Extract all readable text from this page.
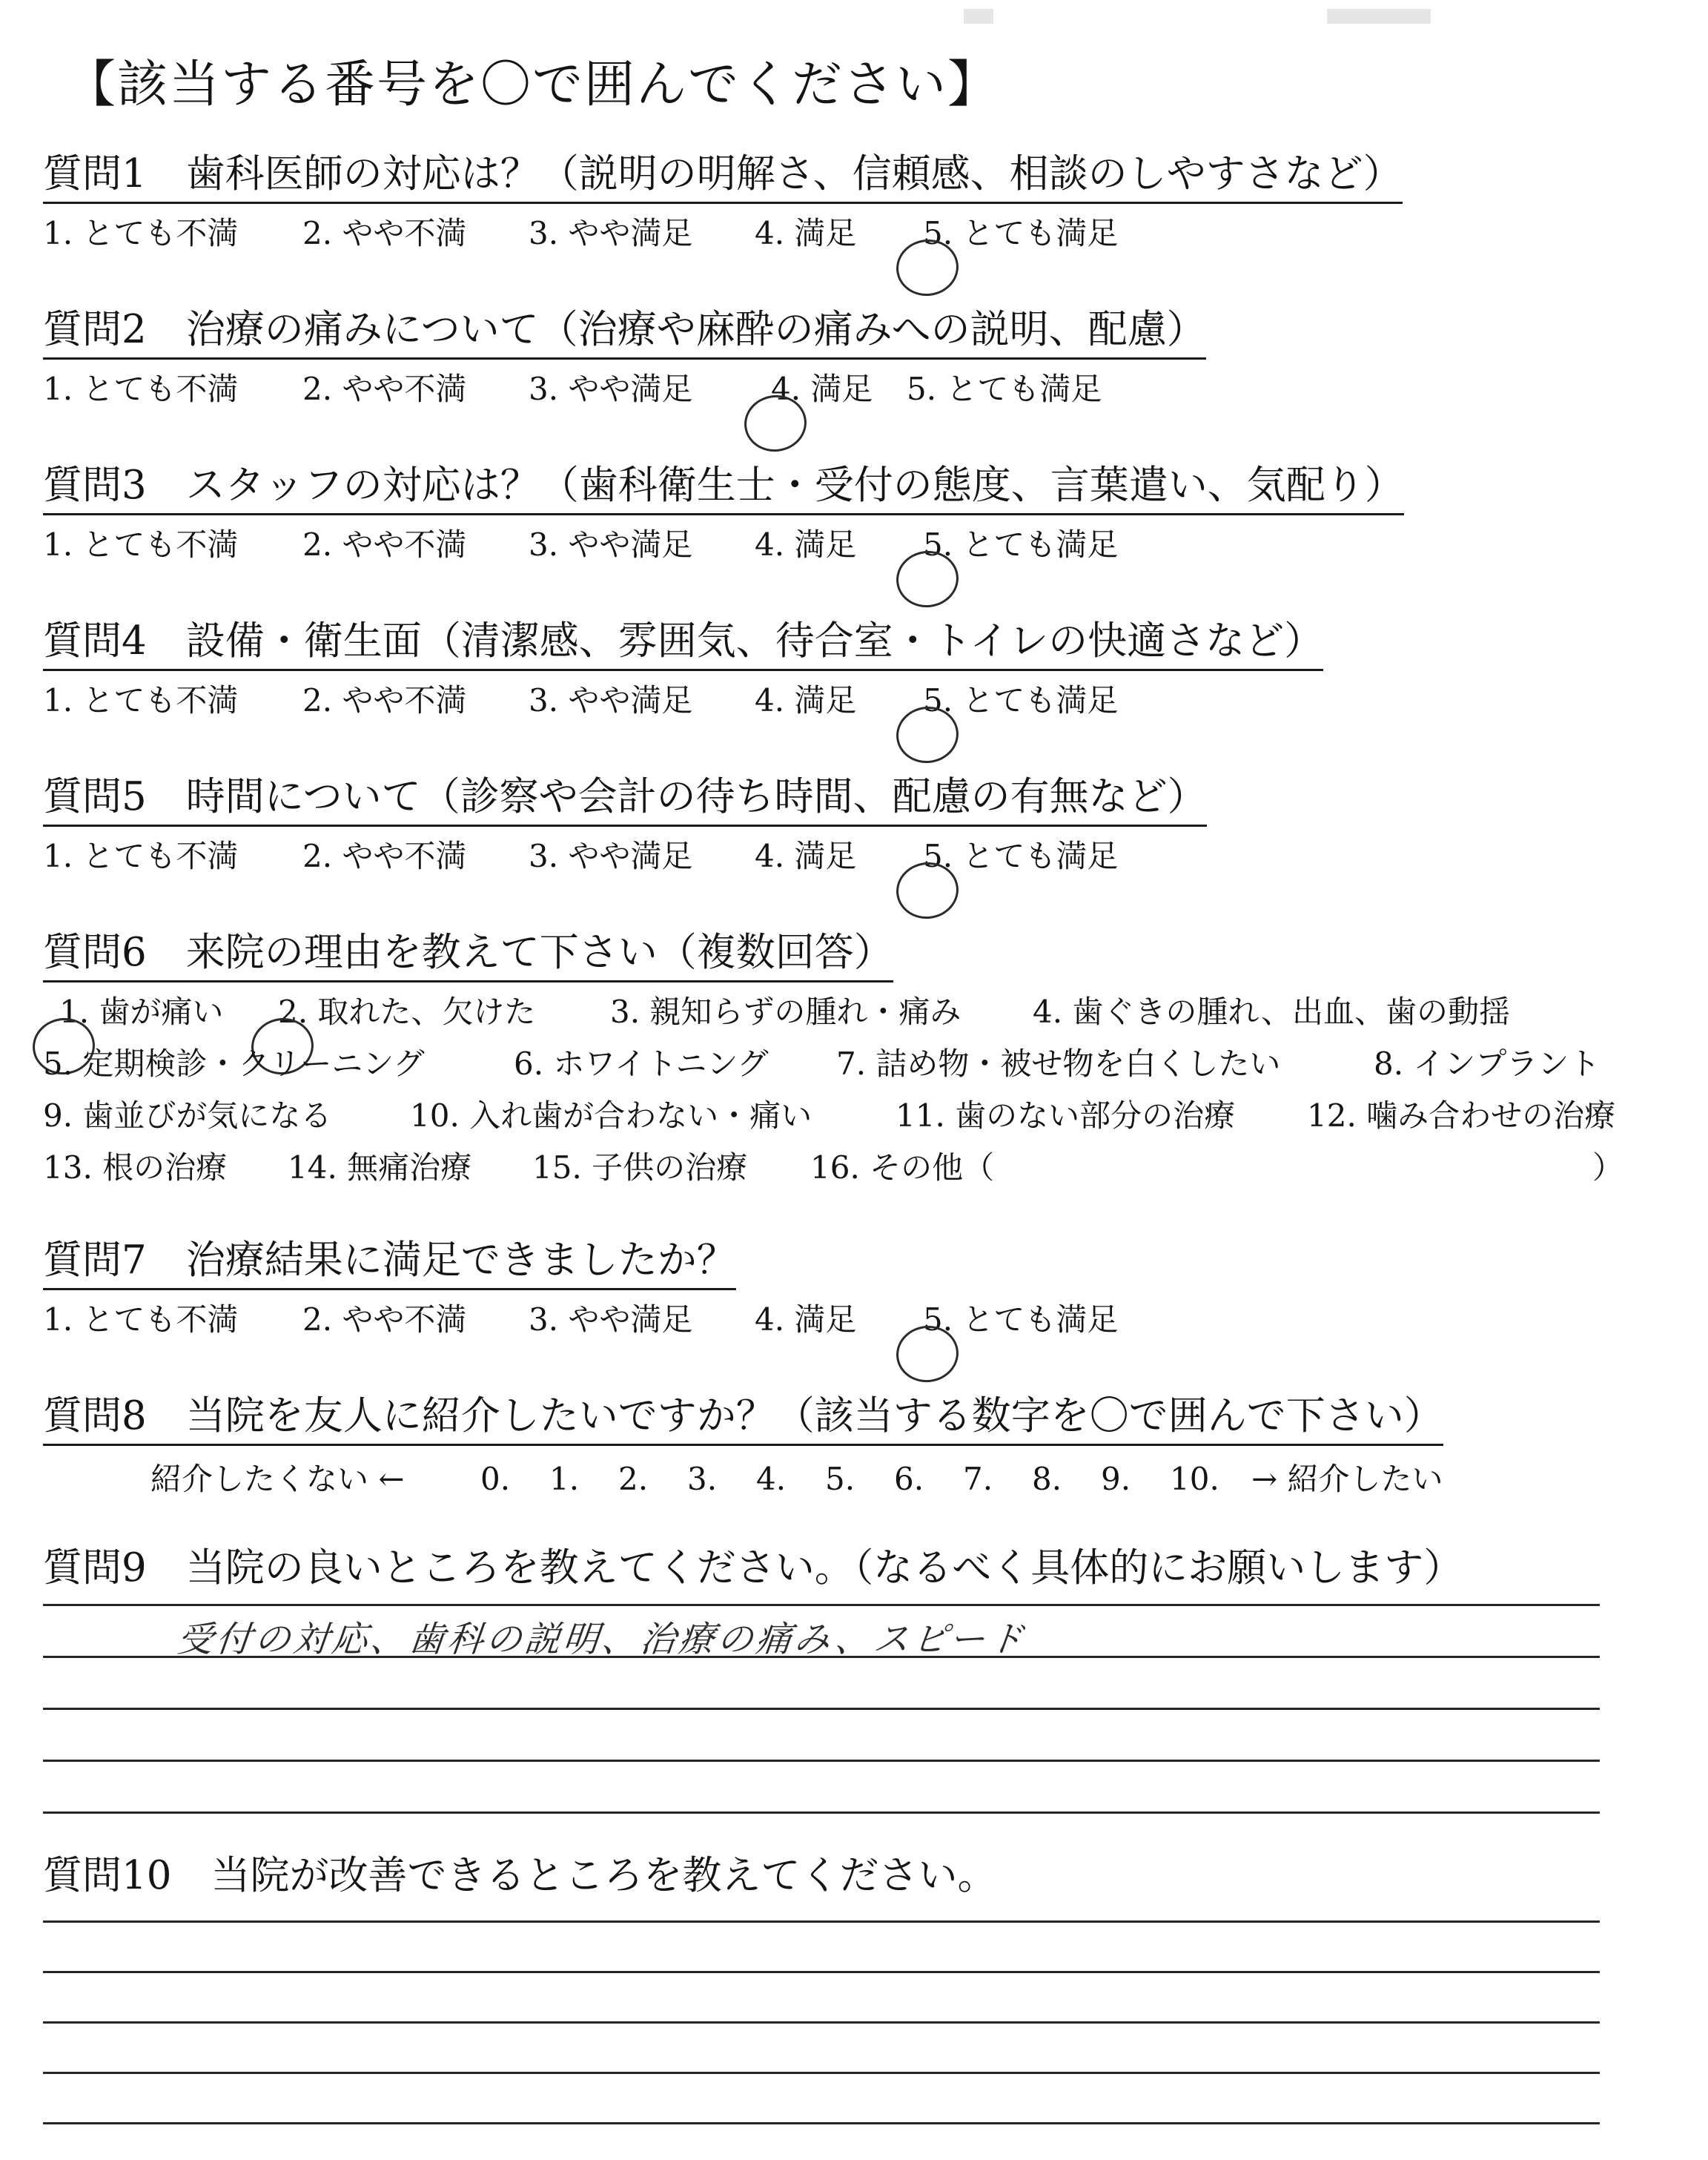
【該当する番号を〇で囲んでください】
質問1　歯科医師の対応は？（説明の明解さ、信頼感、相談のしやすさなど）
1. とても不満 2. やや不満 3. やや満足 4. 満足	5. とても満足
質問2　治療の痛みについて（治療や麻酔の痛みへの説明、配慮）
1. とても不満 2. やや不満 3. やや満足	4. 満足 5. とても満足
質問3　スタッフの対応は？（歯科衛生士・受付の態度、言葉遣い、気配り）
1. とても不満 2. やや不満 3. やや満足 4. 満足	5. とても満足
質問4　設備・衛生面（清潔感、雰囲気、待合室・トイレの快適さなど）
1. とても不満 2. やや不満 3. やや満足 4. 満足	5. とても満足
質問5　時間について（診察や会計の待ち時間、配慮の有無など）
1. とても不満 2. やや不満 3. やや満足 4. 満足	5. とても満足
質問6　来院の理由を教えて下さい（複数回答）
1. 歯が痛い	2. 取れた、欠けた 3. 親知らずの腫れ・痛み 4. 歯ぐきの腫れ、出血、歯の動揺
5. 定期検診・クリーニング	6. ホワイトニング 7. 詰め物・被せ物を白くしたい	8. インプラント
9. 歯並びが気になる	10. 入れ歯が合わない・痛い	11. 歯のない部分の治療 12. 噛み合わせの治療
13. 根の治療 14. 無痛治療 15. 子供の治療 16. その他（	）
質問7　治療結果に満足できましたか？
1. とても不満 2. やや不満 3. やや満足 4. 満足	5. とても満足
質問8　当院を友人に紹介したいですか？（該当する数字を〇で囲んで下さい）
紹介したくない ← 0. 1. 2. 3. 4. 5. 6. 7. 8. 9. 10. → 紹介したい
質問9　当院の良いところを教えてください。（なるべく具体的にお願いします）
受付の対応、歯科の説明、治療の痛み、スピード
質問10　当院が改善できるところを教えてください。
